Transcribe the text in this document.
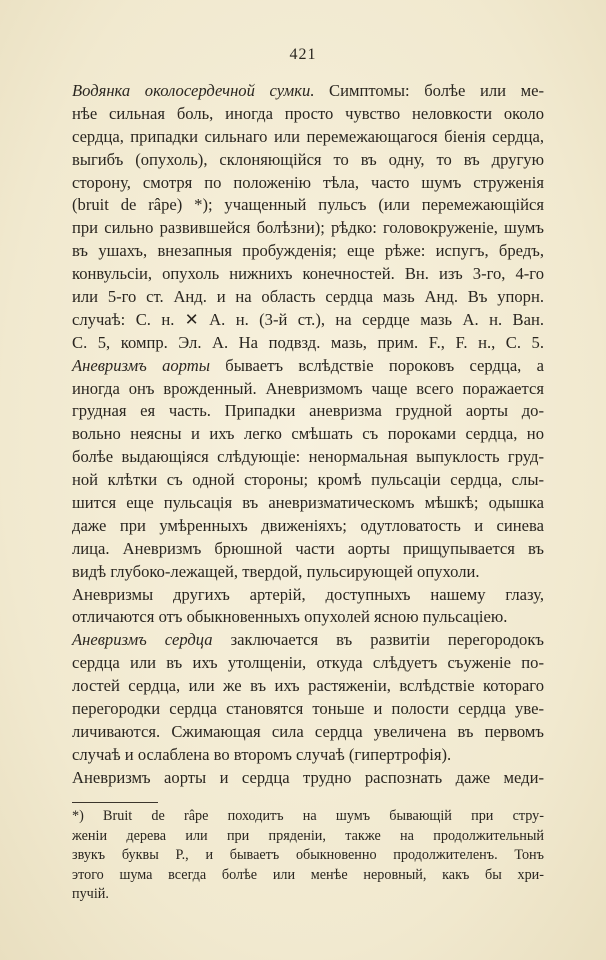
421
Водянка околосердечной сумки. Симптомы: болѣе или ме-
нѣе сильная боль, иногда просто чувство неловкости около
сердца, припадки сильнаго или перемежающагося біенія сердца,
выгибъ (опухоль), склоняющійся то въ одну, то въ другую
сторону, смотря по положенію тѣла, часто шумъ струженія
(bruit de râpe) *); учащенный пульсъ (или перемежающійся
при сильно развившейся болѣзни); рѣдко: головокруженіе, шумъ
въ ушахъ, внезапныя пробужденія; еще рѣже: испугъ, бредъ,
конвульсіи, опухоль нижнихъ конечностей. Вн. изъ 3-го, 4-го
или 5-го ст. Анд. и на область сердца мазь Анд. Въ упорн.
случаѣ: С. н. ✕ А. н. (3-й ст.), на сердце мазь А. н. Ван.
С. 5, компр. Эл. А. На подвзд. мазь, прим. F., F. н., С. 5.
Аневризмъ аорты бываетъ вслѣдствіе пороковъ сердца, а
иногда онъ врожденный. Аневризмомъ чаще всего поражается
грудная ея часть. Припадки аневризма грудной аорты до-
вольно неясны и ихъ легко смѣшать съ пороками сердца, но
болѣе выдающіяся слѣдующіе: ненормальная выпуклость груд-
ной клѣтки съ одной стороны; кромѣ пульсаціи сердца, слы-
шится еще пульсація въ аневризматическомъ мѣшкѣ; одышка
даже при умѣренныхъ движеніяхъ; одутловатость и синева
лица. Аневризмъ брюшной части аорты прищупывается въ
видѣ глубоко-лежащей, твердой, пульсирующей опухоли.
Аневризмы другихъ артерій, доступныхъ нашему глазу,
отличаются отъ обыкновенныхъ опухолей ясною пульсаціею.
Аневризмъ сердца заключается въ развитіи перегородокъ
сердца или въ ихъ утолщеніи, откуда слѣдуетъ съуженіе по-
лостей сердца, или же въ ихъ растяженіи, вслѣдствіе котораго
перегородки сердца становятся тоньше и полости сердца уве-
личиваются. Сжимающая сила сердца увеличена въ первомъ
случаѣ и ослаблена во второмъ случаѣ (гипертрофія).
Аневризмъ аорты и сердца трудно распознать даже меди-
*) Bruit de râpe походитъ на шумъ бывающій при стру-
женіи дерева или при пряденіи, также на продолжительный
звукъ буквы Р., и бываетъ обыкновенно продолжителенъ. Тонъ
этого шума всегда болѣе или менѣе неровный, какъ бы хри-
пучій.
